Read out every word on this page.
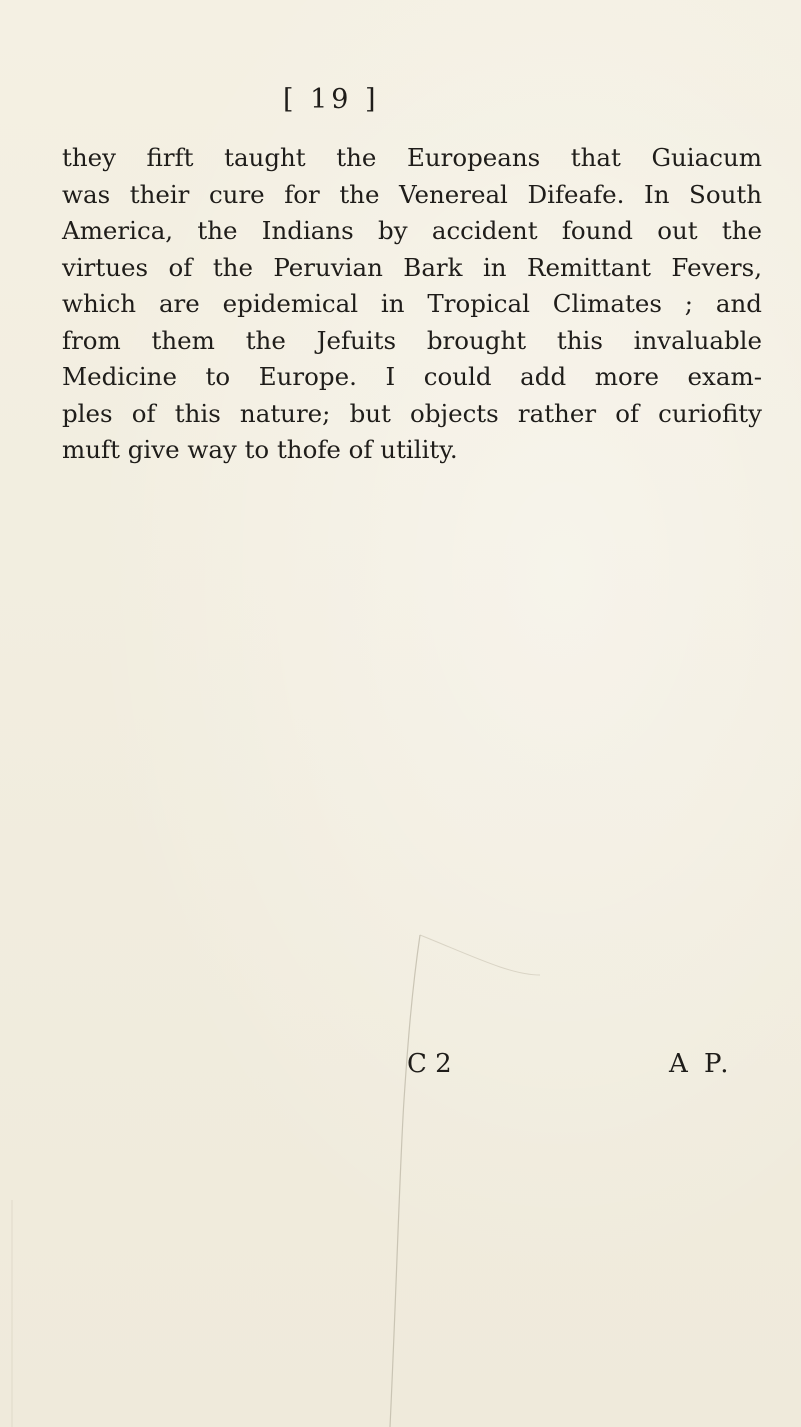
[ 19 ]
they firft taught the Europeans that Guiacum
was their cure for the Venereal Difeafe. In South
America, the Indians by accident found out the
virtues of the Peruvian Bark in Remittant Fevers,
which are epidemical in Tropical Climates ; and
from them the Jefuits brought this invaluable
Medicine to Europe. I could add more exam-
ples of this nature; but objects rather of curiofity
muft give way to thofe of utility.
C 2	A P.
